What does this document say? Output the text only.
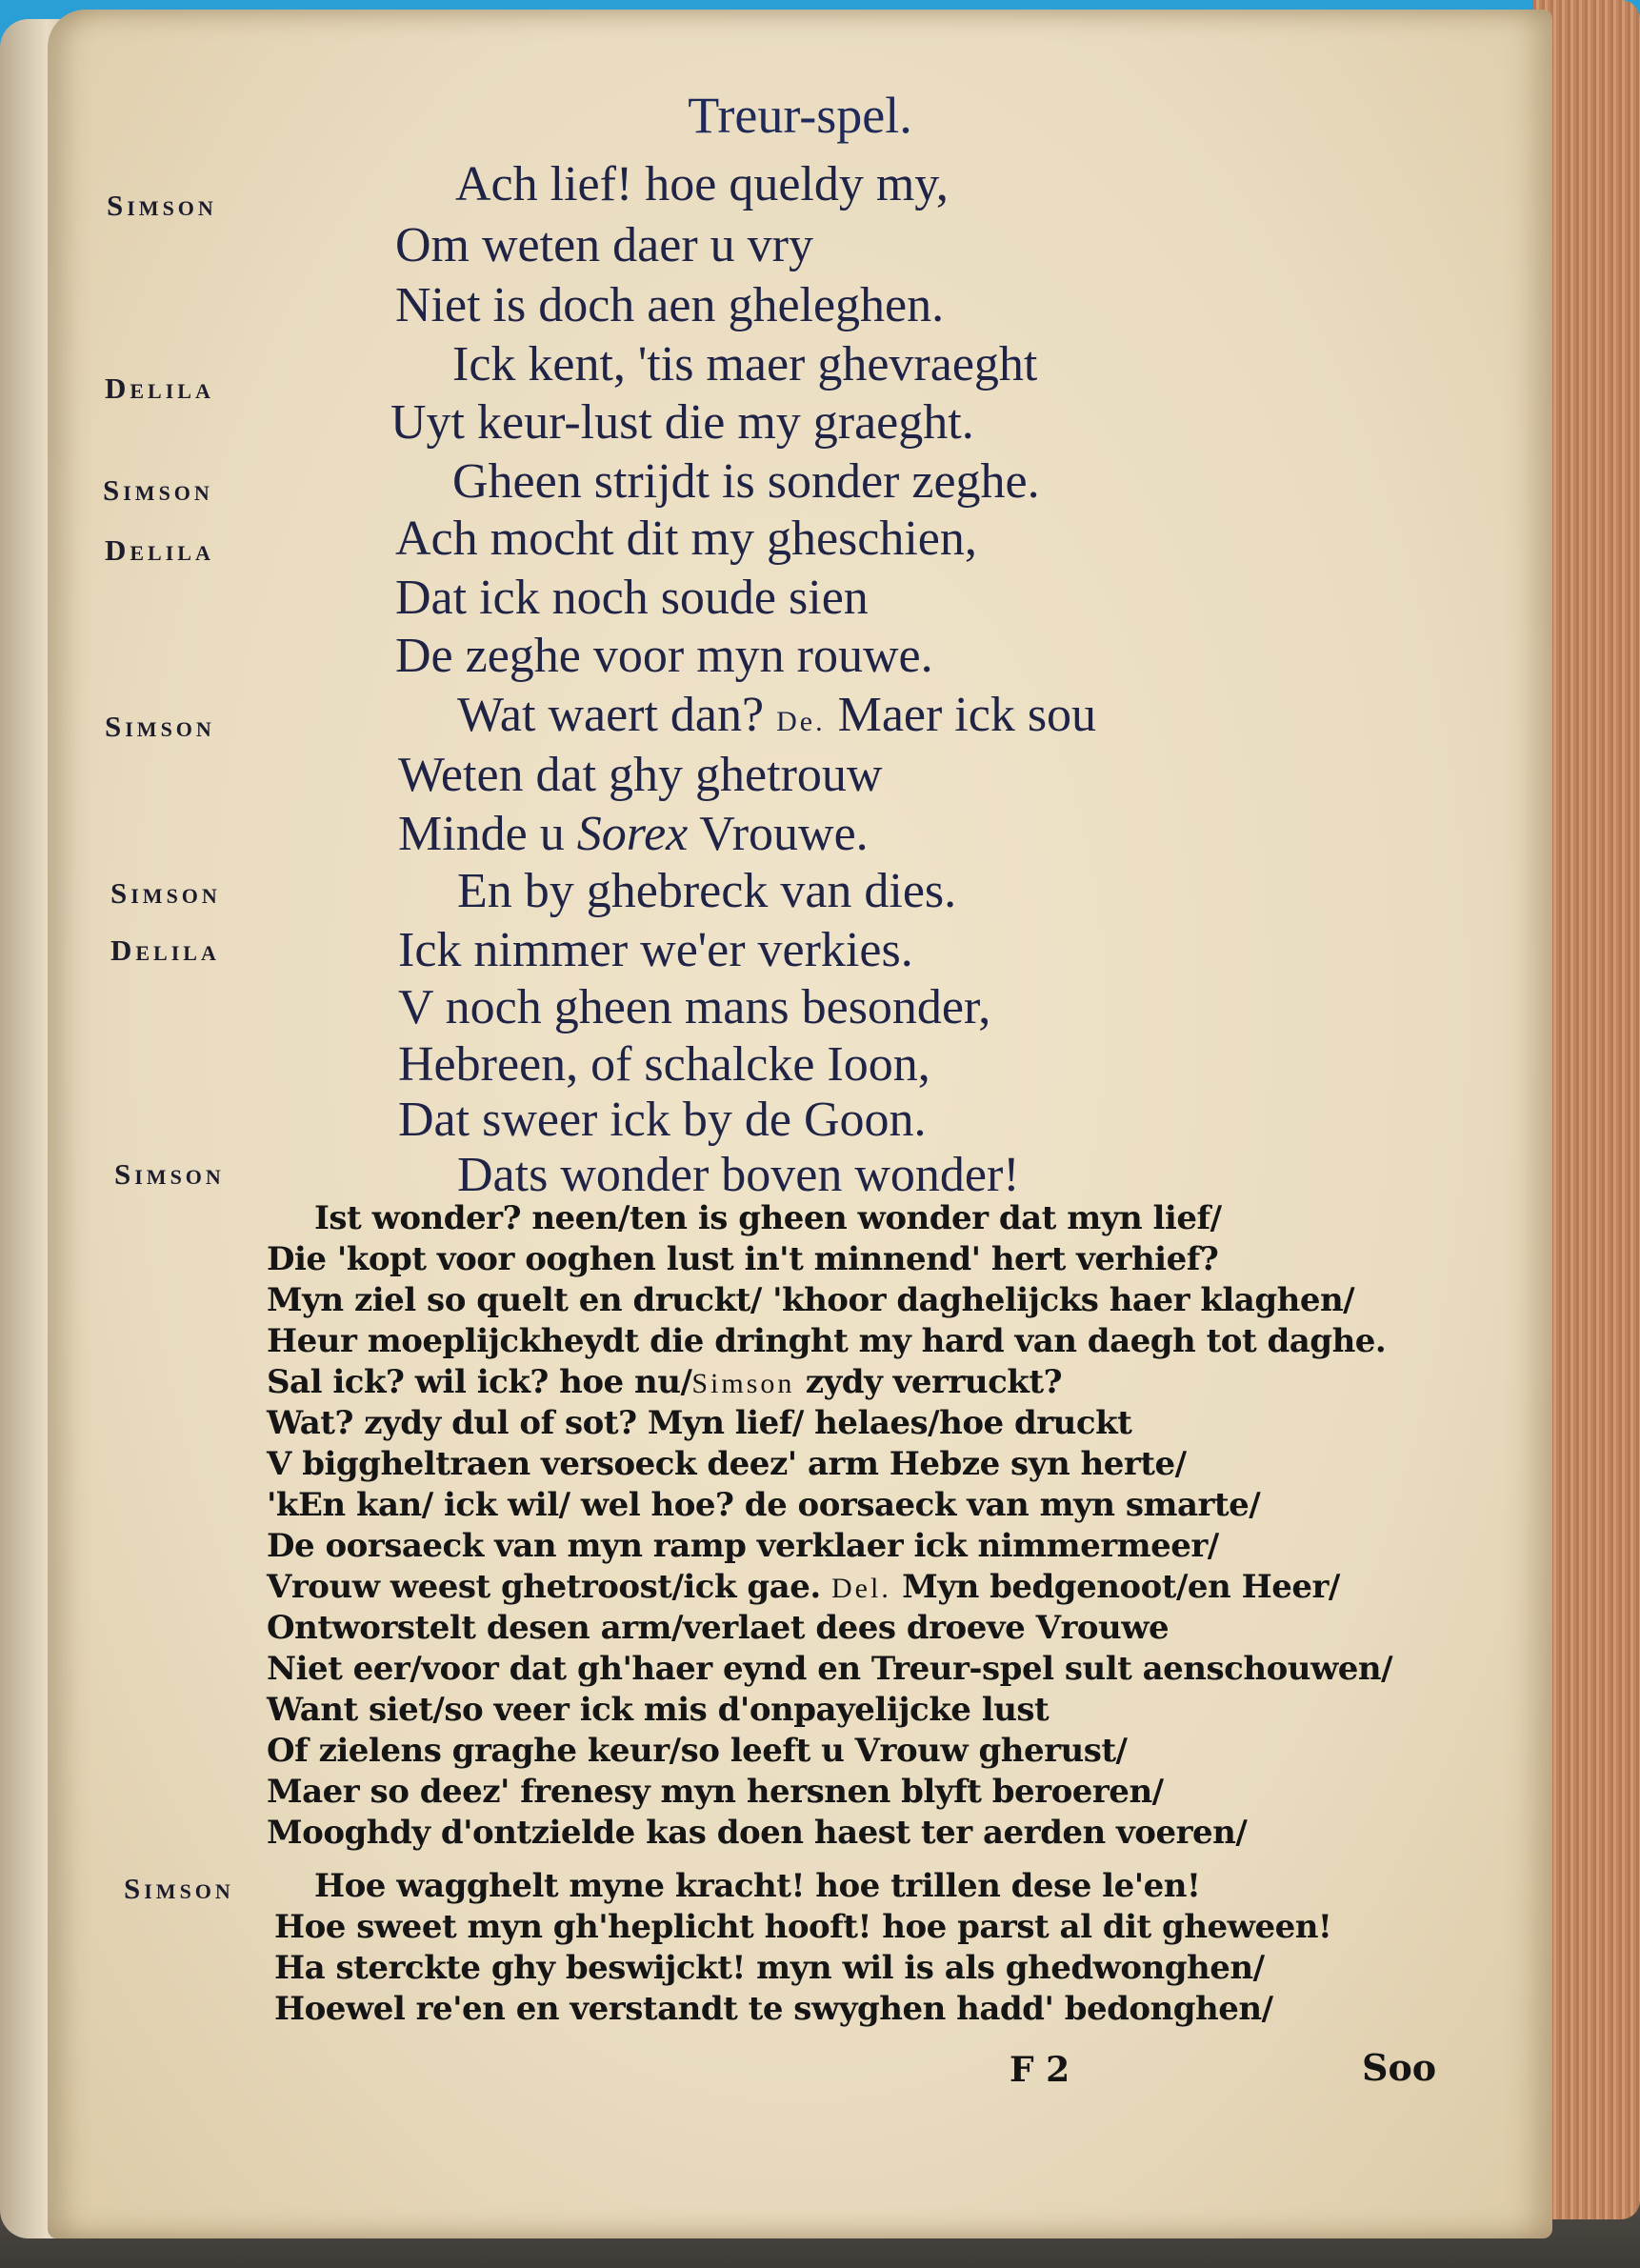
Treur-spel.
Simson
Delila
Simson
Delila
Simson
Simson
Delila
Simson
Simson
Ach lief! hoe queldy my,
Om weten daer u vry
Niet is doch aen gheleghen.
Ick kent, 'tis maer ghevraeght
Uyt keur-lust die my graeght.
Gheen strijdt is sonder zeghe.
Ach mocht dit my gheschien,
Dat ick noch soude sien
De zeghe voor myn rouwe.
Wat waert dan? De. Maer ick sou
Weten dat ghy ghetrouw
Minde u Sorex Vrouwe.
En by ghebreck van dies.
Ick nimmer we'er verkies.
V noch gheen mans besonder,
Hebreen, of schalcke Ioon,
Dat sweer ick by de Goon.
Dats wonder boven wonder!
Ist wonder? neen/ten is gheen wonder dat myn lief/
Die 'kopt voor ooghen lust in't minnend' hert verhief?
Myn ziel so quelt en druckt/ 'khoor daghelijcks haer klaghen/
Heur moeplijckheydt die dringht my hard van daegh tot daghe.
Sal ick? wil ick? hoe nu/Simson zydy verruckt?
Wat? zydy dul of sot? Myn lief/ helaes/hoe druckt
V biggheltraen versoeck deez' arm Hebze syn herte/
'kEn kan/ ick wil/ wel hoe? de oorsaeck van myn smarte/
De oorsaeck van myn ramp verklaer ick nimmermeer/
Vrouw weest ghetroost/ick gae. Del. Myn bedgenoot/en Heer/
Ontworstelt desen arm/verlaet dees droeve Vrouwe
Niet eer/voor dat gh'haer eynd en Treur-spel sult aenschouwen/
Want siet/so veer ick mis d'onpayelijcke lust
Of zielens graghe keur/so leeft u Vrouw gherust/
Maer so deez' frenesy myn hersnen blyft beroeren/
Mooghdy d'ontzielde kas doen haest ter aerden voeren/
Hoe wagghelt myne kracht! hoe trillen dese le'en!
Hoe sweet myn gh'heplicht hooft! hoe parst al dit gheween!
Ha sterckte ghy beswijckt! myn wil is als ghedwonghen/
Hoewel re'en en verstandt te swyghen hadd' bedonghen/
F 2	Soo
